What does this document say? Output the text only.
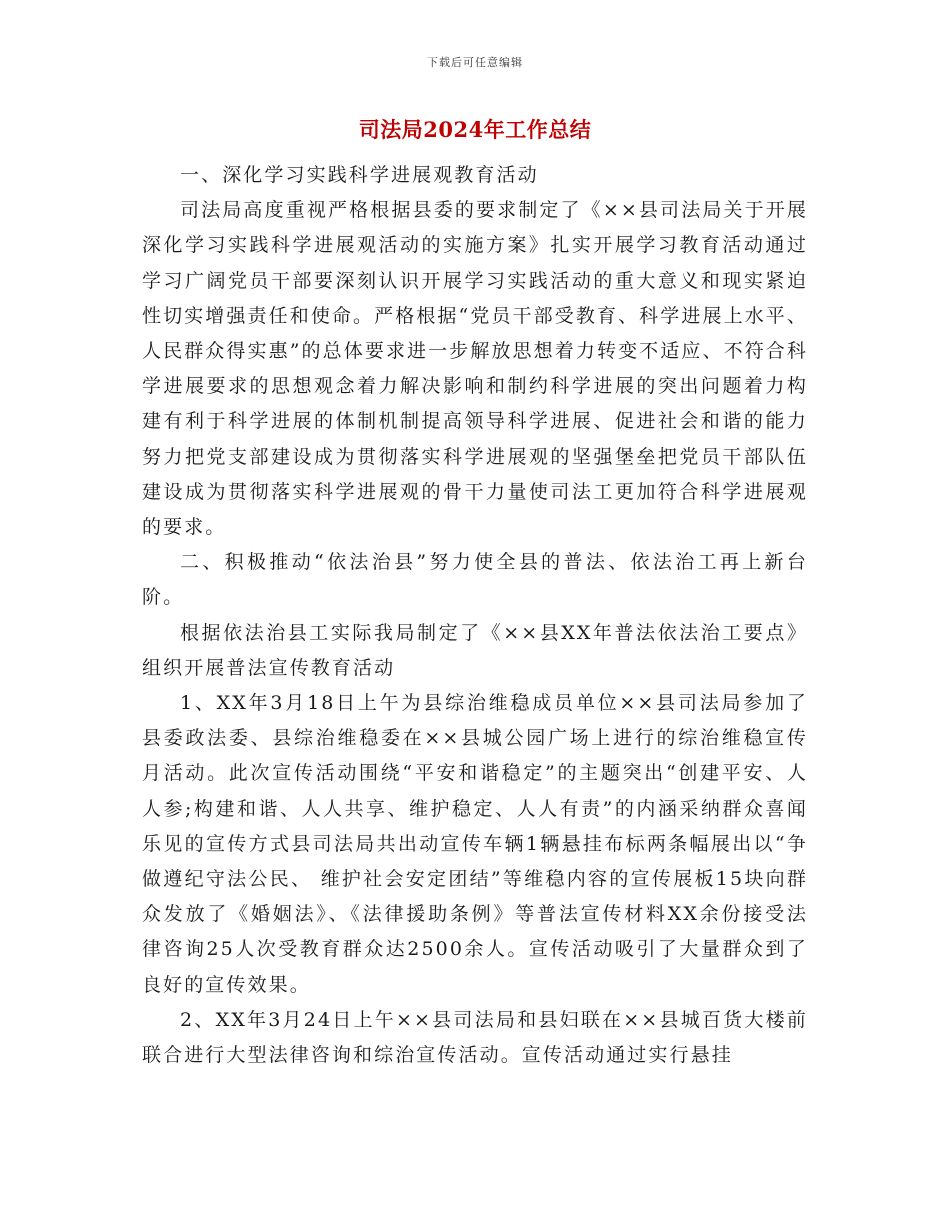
下载后可任意编辑
司法局2024年工作总结

一、深化学习实践科学进展观教育活动

司法局高度重视严格根据县委的要求制定了《××县司法局关于开展深化学习实践科学进展观活动的实施方案》扎实开展学习教育活动通过学习广阔党员干部要深刻认识开展学习实践活动的重大意义和现实紧迫性切实增强责任和使命。严格根据“党员干部受教育、科学进展上水平、人民群众得实惠”的总体要求进一步解放思想着力转变不适应、不符合科学进展要求的思想观念着力解决影响和制约科学进展的突出问题着力构建有利于科学进展的体制机制提高领导科学进展、促进社会和谐的能力努力把党支部建设成为贯彻落实科学进展观的坚强堡垒把党员干部队伍建设成为贯彻落实科学进展观的骨干力量使司法工更加符合科学进展观的要求。

二、积极推动“依法治县”努力使全县的普法、依法治工再上新台阶。

根据依法治县工实际我局制定了《××县XX年普法依法治工要点》组织开展普法宣传教育活动

1、XX年3月18日上午为县综治维稳成员单位××县司法局参加了县委政法委、县综治维稳委在××县城公园广场上进行的综治维稳宣传月活动。此次宣传活动围绕“平安和谐稳定”的主题突出“创建平安、人人参;构建和谐、人人共享、维护稳定、人人有责”的内涵采纳群众喜闻乐见的宣传方式县司法局共出动宣传车辆1辆悬挂布标两条幅展出以“争做遵纪守法公民、 维护社会安定团结”等维稳内容的宣传展板15块向群众发放了《婚姻法》、《法律援助条例》等普法宣传材料XX余份接受法律咨询25人次受教育群众达2500余人。宣传活动吸引了大量群众到了良好的宣传效果。

2、XX年3月24日上午××县司法局和县妇联在××县城百货大楼前联合进行大型法律咨询和综治宣传活动。宣传活动通过实行悬挂
